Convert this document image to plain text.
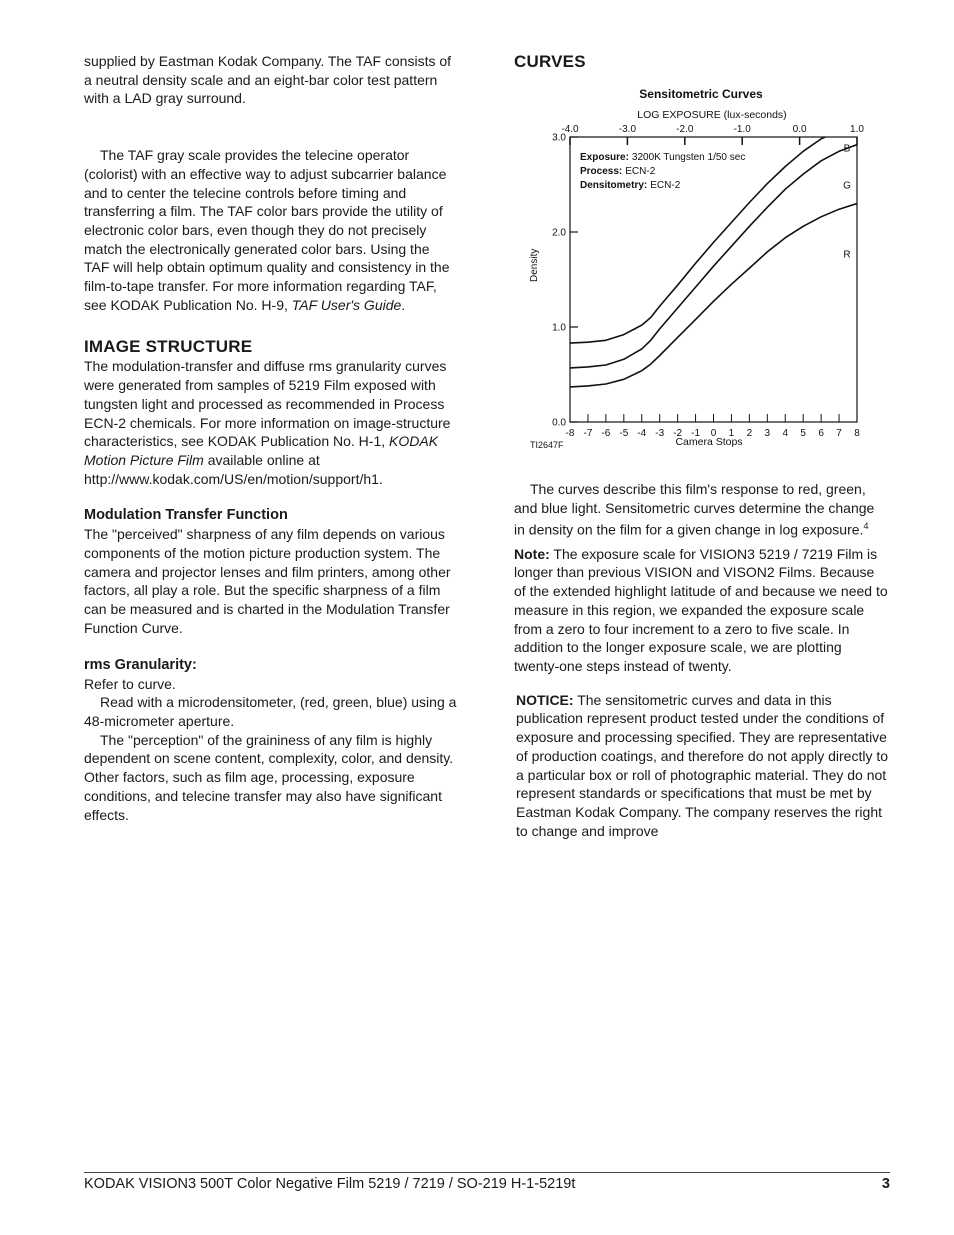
supplied by Eastman Kodak Company. The TAF consists of a neutral density scale and an eight-bar color test pattern with a LAD gray surround.

The TAF gray scale provides the telecine operator (colorist) with an effective way to adjust subcarrier balance and to center the telecine controls before timing and transferring a film. The TAF color bars provide the utility of electronic color bars, even though they do not precisely match the electronically generated color bars. Using the TAF will help obtain optimum quality and consistency in the film-to-tape transfer. For more information regarding TAF, see KODAK Publication No. H-9, TAF User's Guide.

IMAGE STRUCTURE

The modulation-transfer and diffuse rms granularity curves were generated from samples of 5219 Film exposed with tungsten light and processed as recommended in Process ECN-2 chemicals. For more information on image-structure characteristics, see KODAK Publication No. H-1, KODAK Motion Picture Film available online at http://www.kodak.com/US/en/motion/support/h1.

Modulation Transfer Function

The "perceived" sharpness of any film depends on various components of the motion picture production system. The camera and projector lenses and film printers, among other factors, all play a role. But the specific sharpness of a film can be measured and is charted in the Modulation Transfer Function Curve.

rms Granularity:

Refer to curve.

Read with a microdensitometer, (red, green, blue) using a 48-micrometer aperture.

The "perception" of the graininess of any film is highly dependent on scene content, complexity, color, and density. Other factors, such as film age, processing, exposure conditions, and telecine transfer may also have significant effects.

CURVES

The curves describe this film's response to red, green, and blue light. Sensitometric curves determine the change in density on the film for a given change in log exposure.$^4$

Note: The exposure scale for VISION3 5219 / 7219 Film is longer than previous VISION and VISON2 Films. Because of the extended highlight latitude of and because we need to measure in this region, we expanded the exposure scale from a zero to four increment to a zero to five scale. In addition to the longer exposure scale, we are plotting twenty-one steps instead of twenty.

NOTICE: The sensitometric curves and data in this publication represent product tested under the conditions of exposure and processing specified. They are representative of production coatings, and therefore do not apply directly to a particular box or roll of photographic material. They do not represent standards or specifications that must be met by Eastman Kodak Company. The company reserves the right to change and improve

Sensitometric Curves
LOG EXPOSURE (lux-seconds)
-4.0	-3.0	-2.0	-1.0	0.0	1.0
0.0
1.0
2.0
3.0
-8 -7 -6 -5 -4 -3 -2 -1 0 1 2 3 4 5 6 7 8
Density
Camera Stops
TI2647F
Exposure: 3200K Tungsten 1/50 sec
Process: ECN-2
Densitometry: ECN-2
B
G
R
KODAK VISION3 500T Color Negative Film 5219 / 7219 / SO-219 H-1-5219t	3
